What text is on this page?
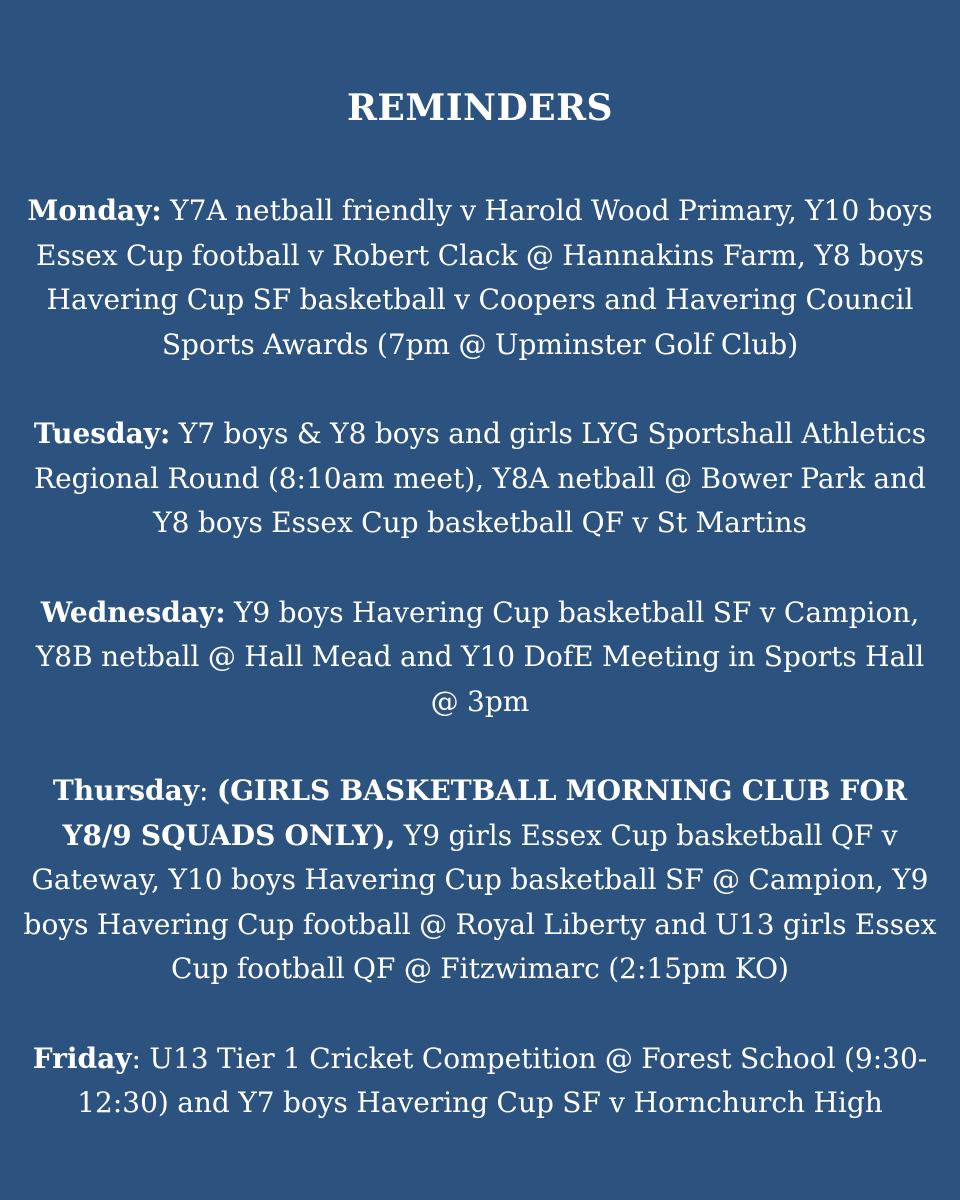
REMINDERS

Monday: Y7A netball friendly v Harold Wood Primary, Y10 boys Essex Cup football v Robert Clack @ Hannakins Farm, Y8 boys Havering Cup SF basketball v Coopers and Havering Council Sports Awards (7pm @ Upminster Golf Club)

Tuesday: Y7 boys & Y8 boys and girls LYG Sportshall Athletics Regional Round (8:10am meet), Y8A netball @ Bower Park and Y8 boys Essex Cup basketball QF v St Martins

Wednesday: Y9 boys Havering Cup basketball SF v Campion, Y8B netball @ Hall Mead and Y10 DofE Meeting in Sports Hall @ 3pm

Thursday: (GIRLS BASKETBALL MORNING CLUB FOR Y8/9 SQUADS ONLY), Y9 girls Essex Cup basketball QF v Gateway, Y10 boys Havering Cup basketball SF @ Campion, Y9 boys Havering Cup football @ Royal Liberty and U13 girls Essex Cup football QF @ Fitzwimarc (2:15pm KO)

Friday: U13 Tier 1 Cricket Competition @ Forest School (9:30-12:30) and Y7 boys Havering Cup SF v Hornchurch High
